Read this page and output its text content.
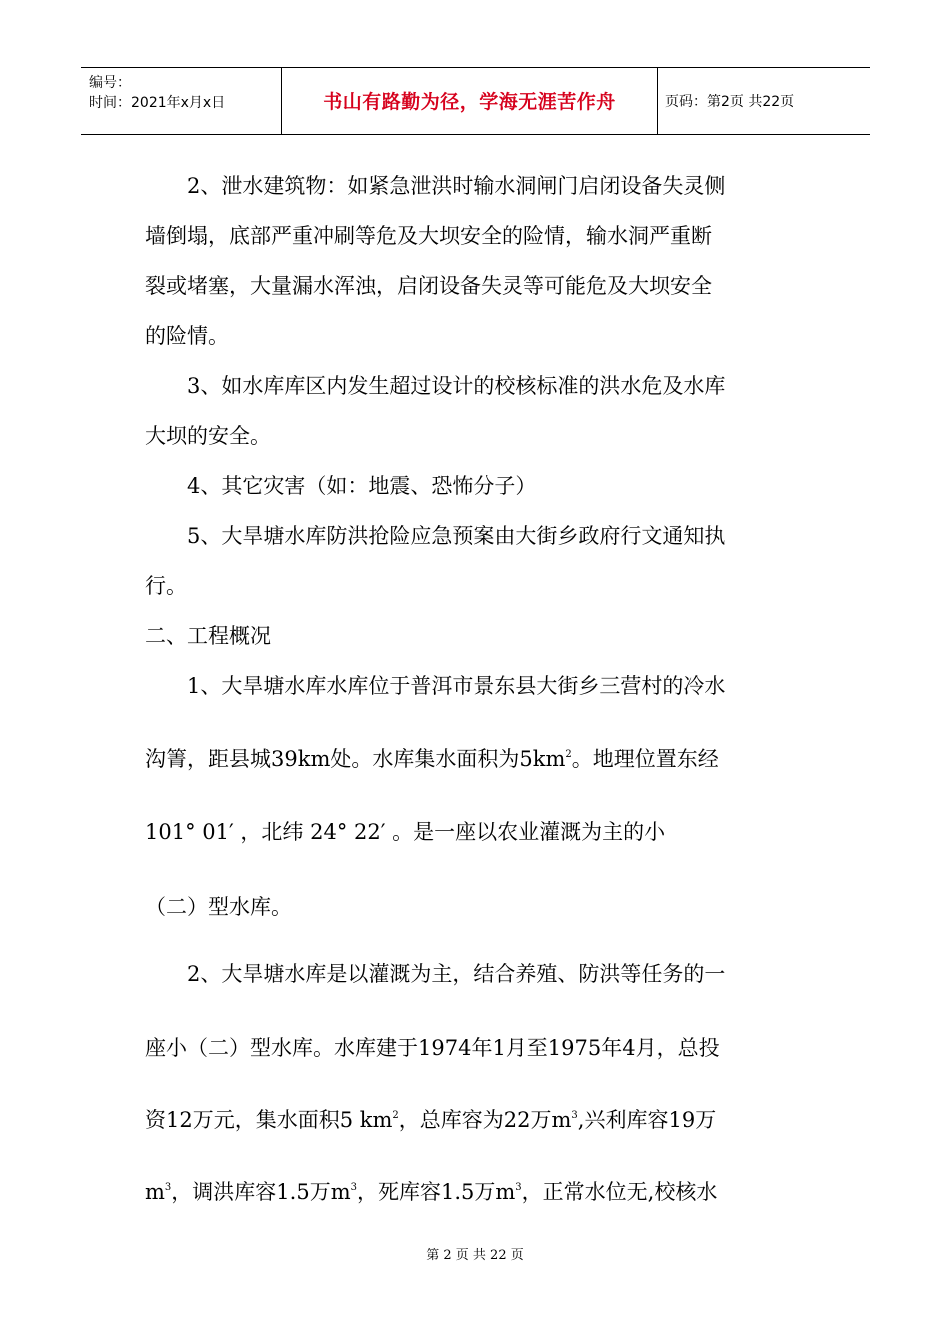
编号：
时间：2021年x月x日	书山有路勤为径，学海无涯苦作舟	页码：第2页 共22页
　　2、泄水建筑物：如紧急泄洪时输水洞闸门启闭设备失灵侧
墙倒塌，底部严重冲刷等危及大坝安全的险情，输水洞严重断
裂或堵塞，大量漏水浑浊，启闭设备失灵等可能危及大坝安全
的险情。
　　3、如水库库区内发生超过设计的校核标准的洪水危及水库
大坝的安全。
　　4、其它灾害（如：地震、恐怖分子）
　　5、大旱塘水库防洪抢险应急预案由大街乡政府行文通知执
行。
二、工程概况
　　1、大旱塘水库水库位于普洱市景东县大街乡三营村的冷水
沟箐，距县城39km处。水库集水面积为$5km^2$。地理位置东经
101° 01′ ，北纬 24° 22′ 。是一座以农业灌溉为主的小
（二）型水库。
　　2、大旱塘水库是以灌溉为主，结合养殖、防洪等任务的一
座小（二）型水库。水库建于1974年1月至1975年4月，总投
资12万元，集水面积5 $km^2$，总库容为22万$m^3$,兴利库容19万
$m^3$，调洪库容1.5万$m^3$，死库容1.5万$m^3$，正常水位无,校核水
第 2 页 共 22 页
